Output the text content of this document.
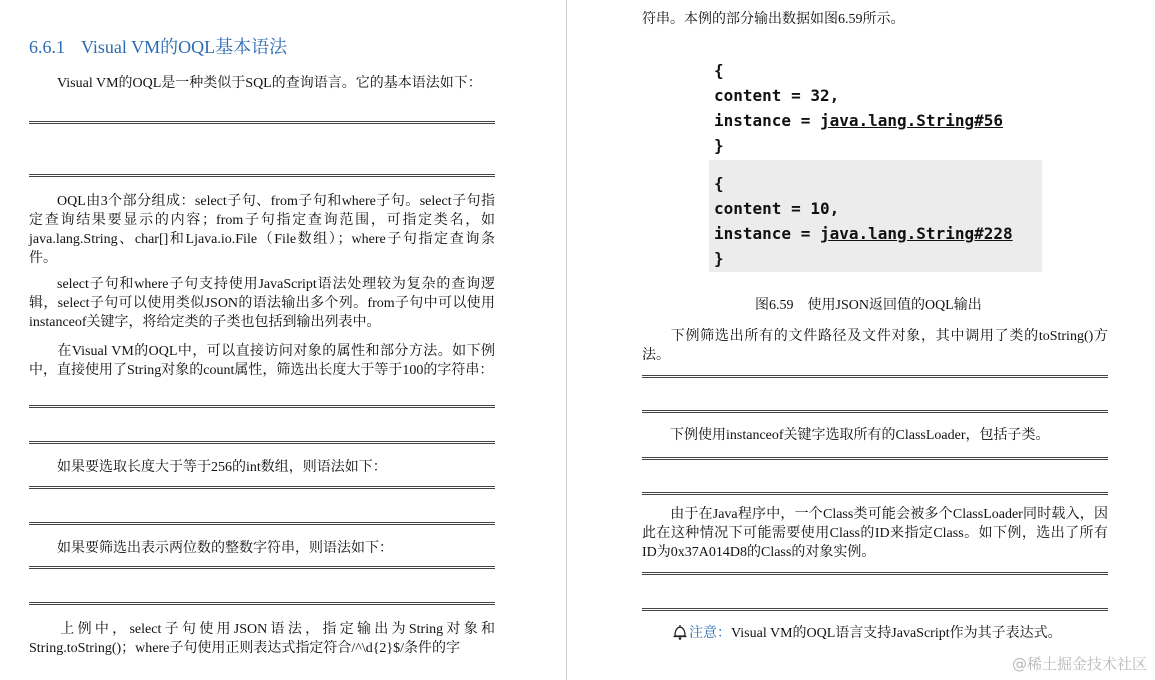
6.6.1 Visual VM的OQL基本语法
Visual VM的OQL是一种类似于SQL的查询语言。它的基本语法如下：

OQL由3个部分组成：select子句、from子句和where子句。select子句指定查询结果要显示的内容；from子句指定查询范围，可指定类名，如java.lang.String、char[]和Ljava.io.File（File数组）；where子句指定查询条件。
select子句和where子句支持使用JavaScript语法处理较为复杂的查询逻辑，select子句可以使用类似JSON的语法输出多个列。from子句中可以使用instanceof关键字，将给定类的子类也包括到输出列表中。
在Visual VM的OQL中，可以直接访问对象的属性和部分方法。如下例中，直接使用了String对象的count属性，筛选出长度大于等于100的字符串：

如果要选取长度大于等于256的int数组，则语法如下：

如果要筛选出表示两位数的整数字符串，则语法如下：

上例中，select子句使用JSON语法，指定输出为String对象和String.toString()；where子句使用正则表达式指定符合/^\d{2}$/条件的字
符串。本例的部分输出数据如图6.59所示。
{
content = 32,
instance = java.lang.String#56
}
{
content = 10,
instance = java.lang.String#228
}
图6.59　使用JSON返回值的OQL输出
下例筛选出所有的文件路径及文件对象，其中调用了类的toString()方法。

下例使用instanceof关键字选取所有的ClassLoader，包括子类。

由于在Java程序中，一个Class类可能会被多个ClassLoader同时载入，因此在这种情况下可能需要使用Class的ID来指定Class。如下例，选出了所有ID为0x37A014D8的Class的对象实例。

注意：Visual VM的OQL语言支持JavaScript作为其子表达式。
@稀土掘金技术社区
